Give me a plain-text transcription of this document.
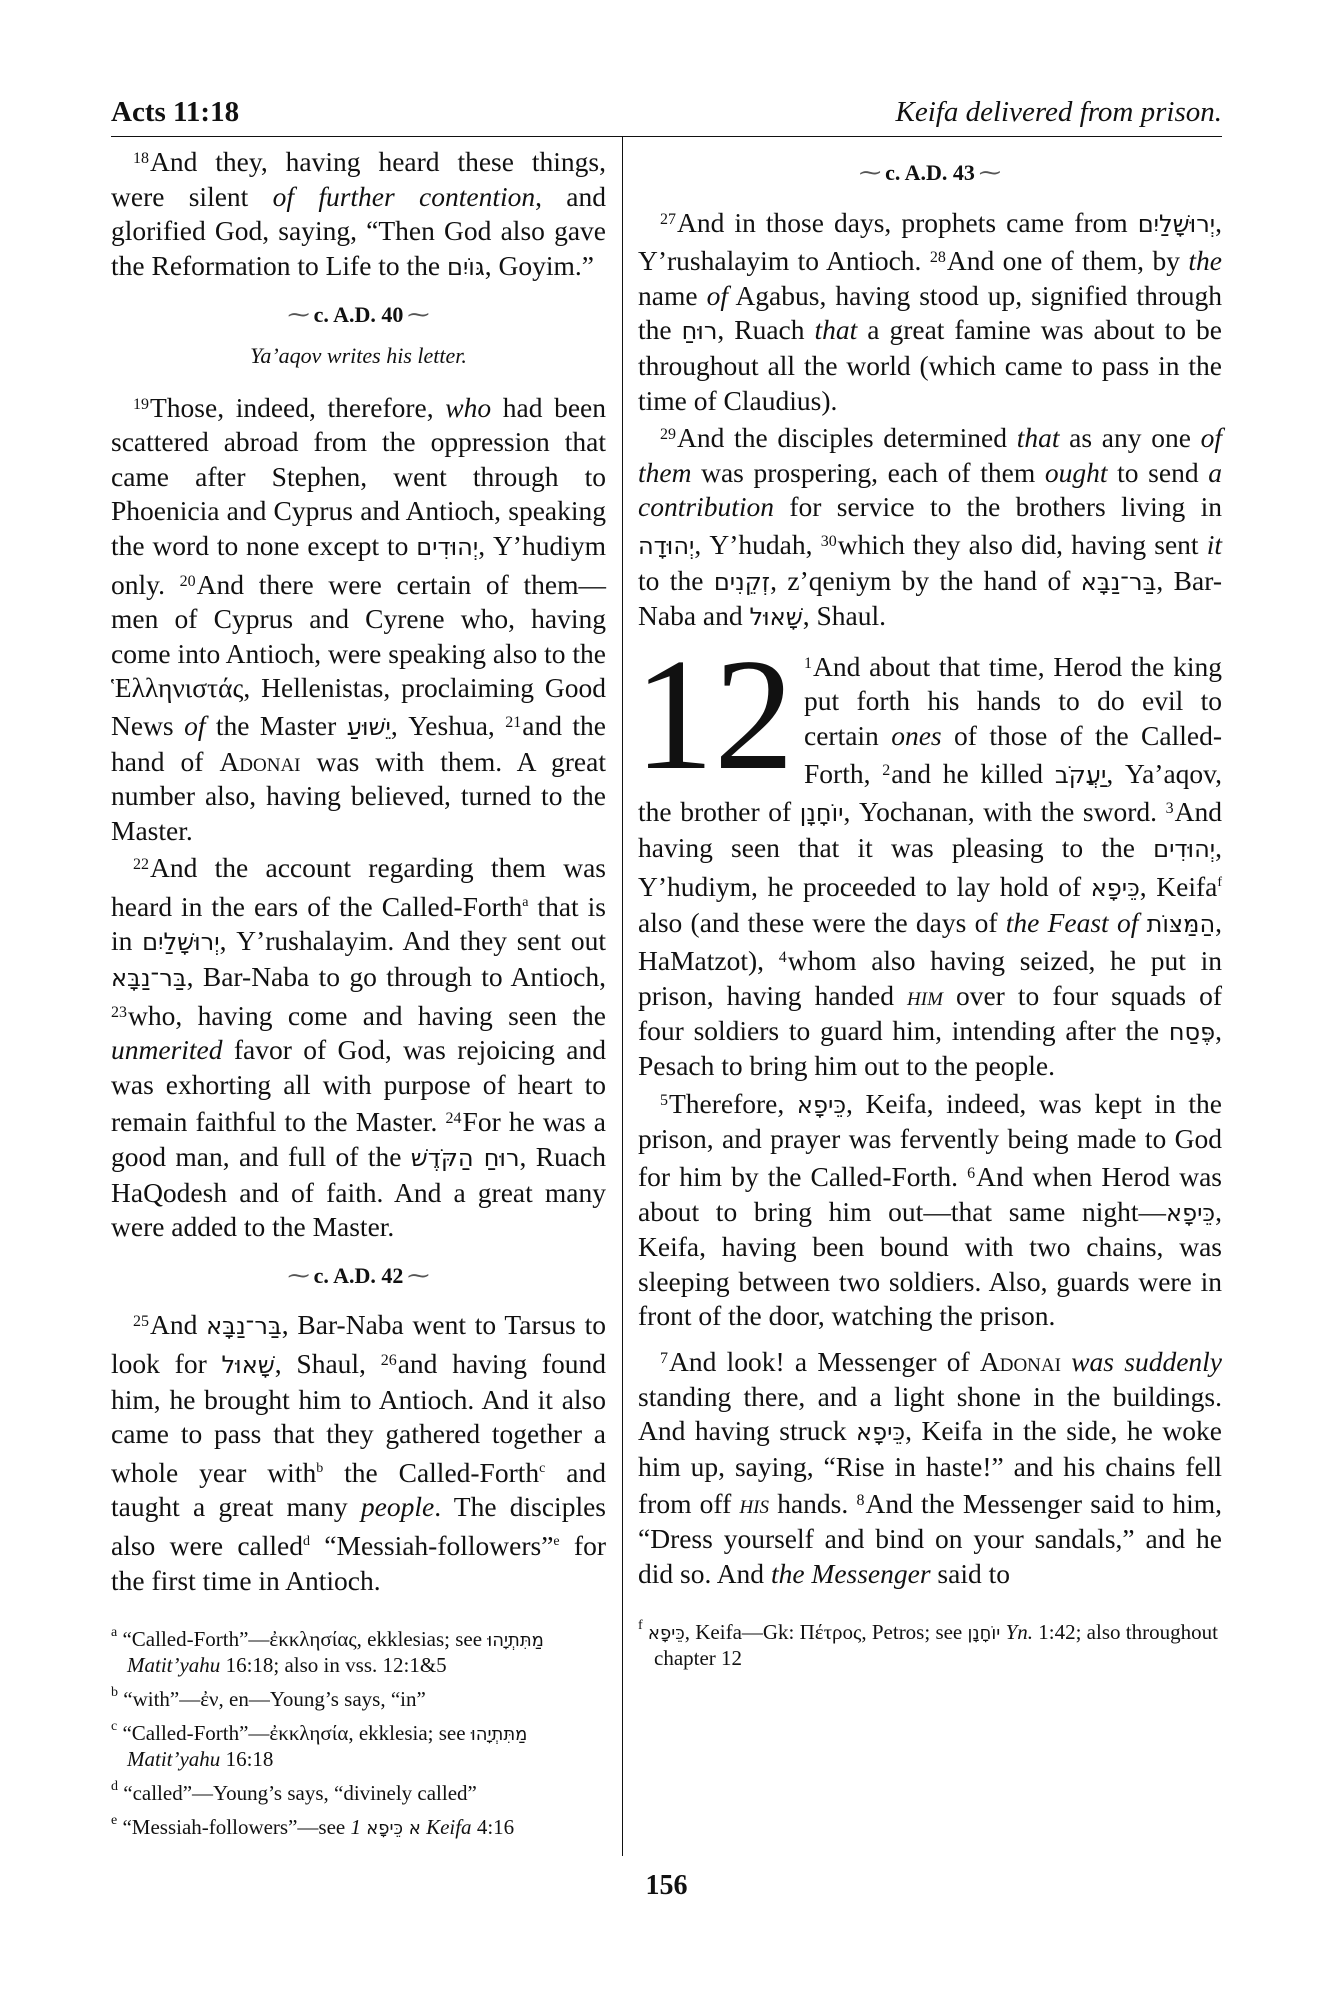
Acts 11:18	Keifa delivered from prison.

$^{18}$And they, having heard these things, were silent of further contention, and glorified God, saying, “Then God also gave the Reformation to Life to the גּוֹיִם, Goyim.”

⁓ c. A.D. 40 ⁓

Ya’aqov writes his letter.

$^{19}$Those, indeed, therefore, who had been scattered abroad from the oppression that came after Stephen, went through to Phoenicia and Cyprus and Antioch, speaking the word to none except to יְהוּדִים, Y’hudiym only. $^{20}$And there were certain of them—men of Cyprus and Cyrene who, having come into Antioch, were speaking also to the Ἑλληνιστάς, Hellenistas, proclaiming Good News of the Master יֵשׁוּעַ, Yeshua, $^{21}$and the hand of Adonai was with them. A great number also, having believed, turned to the Master.

$^{22}$And the account regarding them was heard in the ears of the Called-Forth$^a$ that is in יְרוּשָׁלַיִם, Y’rushalayim. And they sent out בַּר־נַבָּא, Bar-Naba to go through to Antioch, $^{23}$who, having come and having seen the unmerited favor of God, was rejoicing and was exhorting all with purpose of heart to remain faithful to the Master. $^{24}$For he was a good man, and full of the רוּחַ הַקֹּדֶשׁ, Ruach HaQodesh and of faith. And a great many were added to the Master.

⁓ c. A.D. 42 ⁓

$^{25}$And בַּר־נַבָּא, Bar-Naba went to Tarsus to look for שָׁאוּל, Shaul, $^{26}$and having found him, he brought him to Antioch. And it also came to pass that they gathered together a whole year with$^b$ the Called-Forth$^c$ and taught a great many people. The disciples also were called$^d$ “Messiah-followers”$^e$ for the first time in Antioch.

$^a$ “Called-Forth”—ἐκκλησίας, ekklesias; see מַתִּתְיָהוּ Matit’yahu 16:18; also in vss. 12:1&5
$^b$ “with”—ἐν, en—Young’s says, “in”
$^c$ “Called-Forth”—ἐκκλησία, ekklesia; see מַתִּתְיָהוּ Matit’yahu 16:18
$^d$ “called”—Young’s says, “divinely called”
$^e$ “Messiah-followers”—see א כֵּיפָא 1 Keifa 4:16

⁓ c. A.D. 43 ⁓

$^{27}$And in those days, prophets came from יְרוּשָׁלַיִם, Y’rushalayim to Antioch. $^{28}$And one of them, by the name of Agabus, having stood up, signified through the רוּחַ, Ruach that a great famine was about to be throughout all the world (which came to pass in the time of Claudius).

$^{29}$And the disciples determined that as any one of them was prospering, each of them ought to send a contribution for service to the brothers living in יְהוּדָה, Y’hudah, $^{30}$which they also did, having sent it to the זְקֵנִים, z’qeniym by the hand of בַּר־נַבָּא, Bar-Naba and שָׁאוּל, Shaul.

12 $^1$And about that time, Herod the king put forth his hands to do evil to certain ones of those of the Called-Forth, $^2$and he killed יַעֲקֹב, Ya’aqov, the brother of יוֹחָנָן, Yochanan, with the sword. $^3$And having seen that it was pleasing to the יְהוּדִים, Y’hudiym, he proceeded to lay hold of כֵּיפָא, Keifa$^f$ also (and these were the days of the Feast of הַמַּצּוֹת, HaMatzot), $^4$whom also having seized, he put in prison, having handed him over to four squads of four soldiers to guard him, intending after the פֶּסַח, Pesach to bring him out to the people.

$^5$Therefore, כֵּיפָא, Keifa, indeed, was kept in the prison, and prayer was fervently being made to God for him by the Called-Forth. $^6$And when Herod was about to bring him out—that same night—כֵּיפָא, Keifa, having been bound with two chains, was sleeping between two soldiers. Also, guards were in front of the door, watching the prison.

$^7$And look! a Messenger of Adonai was suddenly standing there, and a light shone in the buildings. And having struck כֵּיפָא, Keifa in the side, he woke him up, saying, “Rise in haste!” and his chains fell from off his hands. $^8$And the Messenger said to him, “Dress yourself and bind on your sandals,” and he did so. And the Messenger said to

$^f$ כֵּיפָא, Keifa—Gk: Πέτρος, Petros; see יוֹחָנָן Yn. 1:42; also throughout chapter 12
156
